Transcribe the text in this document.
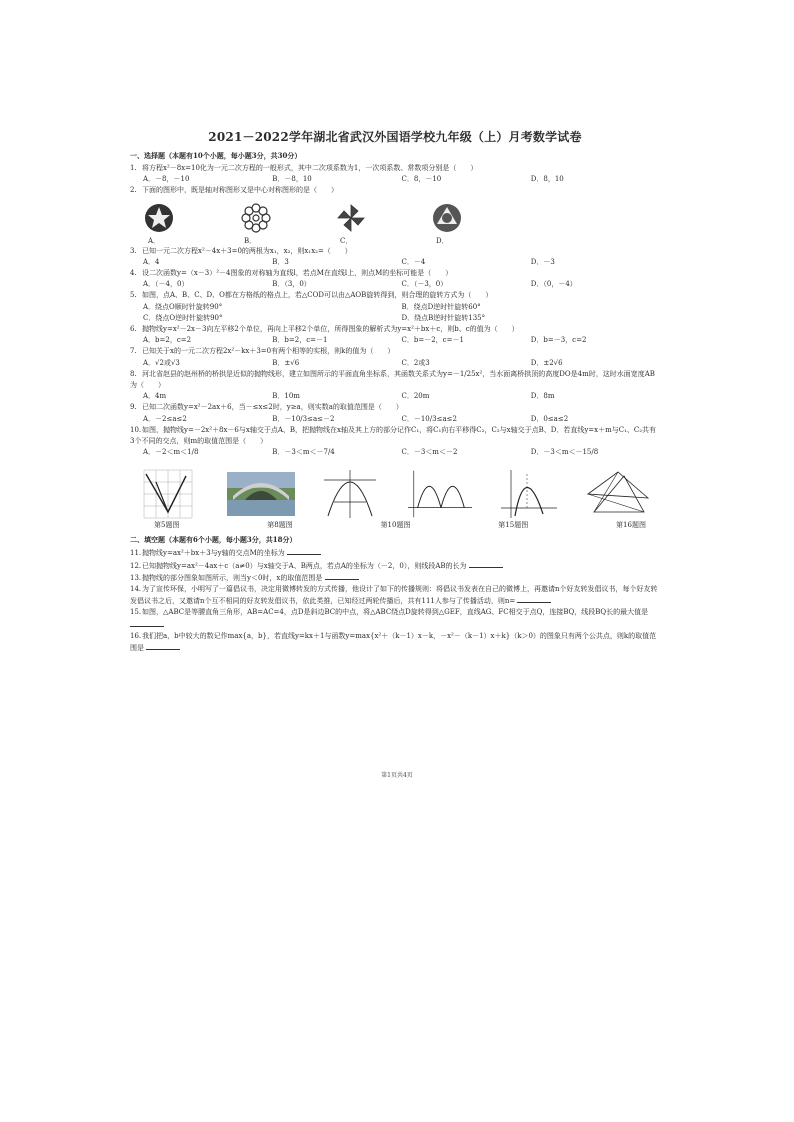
2021－2022学年湖北省武汉外国语学校九年级（上）月考数学试卷
一、选择题（本题有10个小题，每小题3分，共30分）

1. 将方程x²－8x=10化为一元二次方程的一般形式，其中二次项系数为1，一次项系数、常数项分别是（　　）

A．－8，－10	B．－8，10	C．8，－10	D．8，10

2. 下面的图形中，既是轴对称图形又是中心对称图形的是（　　）

A．	B．	C．	D．

3. 已知一元二次方程x²－4x＋3=0的两根为x₁，x₂，则x₁x₂=（　　）

A．4	B．3	C．－4	D．－3

4. 设二次函数y=（x－3）²－4图象的对称轴为直线l，若点M在直线l上，则点M的坐标可能是（　　）

A．（－4，0）	B．（3，0）	C．（－3，0）	D．（0，－4）

5. 如图，点A、B、C、D、O都在方格纸的格点上，若△COD可以由△AOB旋转得到，则合理的旋转方式为（　　）

A．绕点O顺时针旋转90°	B．绕点D逆时针旋转60°
C．绕点O逆时针旋转90°	D．绕点B逆时针旋转135°

6. 抛物线y=x²－2x－3向左平移2个单位，再向上平移2个单位，所得图象的解析式为y=x²＋bx＋c，则b、c的值为（　　）

A．b=2，c=2	B．b=2，c=－1	C．b=－2，c=－1	D．b=－3，c=2

7. 已知关于x的一元二次方程2x²－kx＋3=0有两个相等的实根，则k的值为（　　）

A．√2或√3	B．±√6	C．2或3	D．±2√6

8. 河北省赵县的赵州桥的桥拱是近似的抛物线形，建立如图所示的平面直角坐标系，其函数关系式为y=－1/25x²，当水面离桥拱顶的高度DO是4m时，这时水面宽度AB为（　　）

A．4m	B．10m	C．20m	D．8m

9. 已知二次函数y=x²－2ax＋6，当－≤x≤2时，y≥a，则实数a的取值范围是（　　）

A．－2≤a≤2	B．－10/3≤a≤－2	C．－10/3≤a≤2	D．0≤a≤2

10.如图，抛物线y=－2x²＋8x－6与x轴交于点A、B，把抛物线在x轴及其上方的部分记作C₁，将C₁向右平移得C₂，C₂与x轴交于点B、D．若直线y=x＋m与C₁、C₂共有3个不同的交点，则m的取值范围是（　　）

A．－2＜m＜1/8	B．－3＜m＜－7/4	C．－3＜m＜－2	D．－3＜m＜－15/8
第5题图	第8题图	第10题图	第15题图	第16题图
二、填空题（本题有6个小题，每小题3分，共18分）

11.抛物线y=ax²＋bx＋3与y轴的交点M的坐标为

12.已知抛物线y=ax²－4ax＋c（a≠0）与x轴交于A、B两点，若点A的坐标为（－2，0），则线段AB的长为

13.抛物线的部分图象如图所示，则当y＜0时，x的取值范围是

14.为了宣传环保，小明写了一篇倡议书，决定用微博转发的方式传播，他设计了如下的传播规则：将倡议书发表在自己的微博上，再邀请n个好友转发倡议书，每个好友转发倡议书之后，又邀请n个互不相同的好友转发倡议书，依此类推，已知经过两轮传播后，共有111人参与了传播活动，则n=

15.如图，△ABC是等腰直角三角形，AB=AC=4，点D是斜边BC的中点，将△ABC绕点D旋转得到△GEF，直线AG、FC相交于点Q，连接BQ，线段BQ长的最大值是

16.我们把a，b中较大的数记作max{a，b}，若直线y=kx＋1与函数y=max{x²＋（k－1）x－k，－x²－（k－1）x＋k}（k＞0）的图象只有两个公共点，则k的取值范围是

第1页共4页
